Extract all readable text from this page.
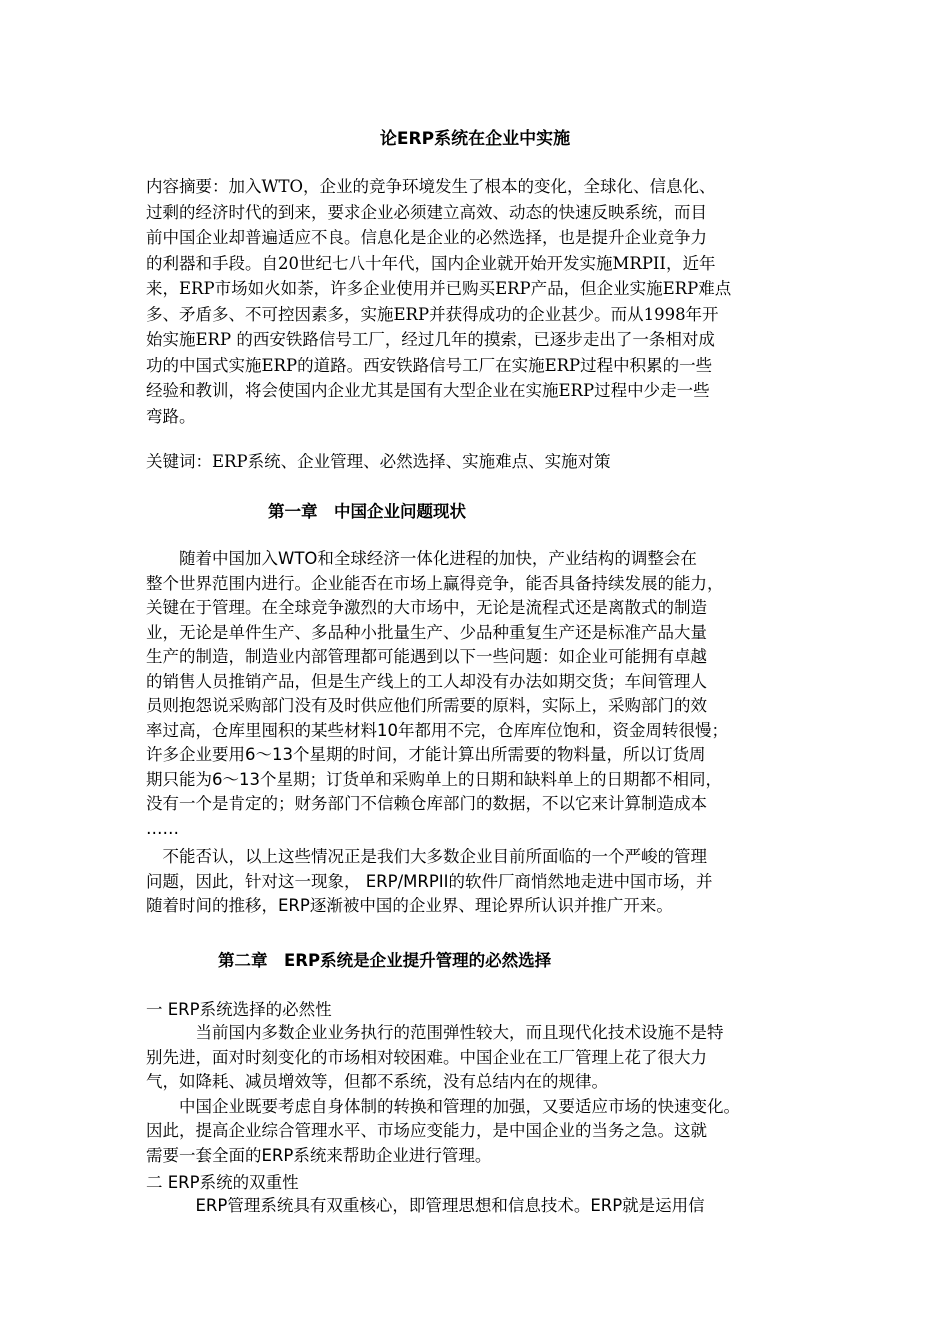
论ERP系统在企业中实施
内容摘要：加入WTO，企业的竞争环境发生了根本的变化，全球化、信息化、
过剩的经济时代的到来，要求企业必须建立高效、动态的快速反映系统，而目
前中国企业却普遍适应不良。信息化是企业的必然选择，也是提升企业竞争力
的利器和手段。自20世纪七八十年代，国内企业就开始开发实施MRPII，近年
来，ERP市场如火如荼，许多企业使用并已购买ERP产品，但企业实施ERP难点
多、矛盾多、不可控因素多，实施ERP并获得成功的企业甚少。而从1998年开
始实施ERP 的西安铁路信号工厂，经过几年的摸索，已逐步走出了一条相对成
功的中国式实施ERP的道路。西安铁路信号工厂在实施ERP过程中积累的一些
经验和教训，将会使国内企业尤其是国有大型企业在实施ERP过程中少走一些
弯路。
关键词：ERP系统、企业管理、必然选择、实施难点、实施对策
第一章　中国企业问题现状
　　随着中国加入WTO和全球经济一体化进程的加快，产业结构的调整会在
整个世界范围内进行。企业能否在市场上赢得竞争，能否具备持续发展的能力，
关键在于管理。在全球竞争激烈的大市场中，无论是流程式还是离散式的制造
业，无论是单件生产、多品种小批量生产、少品种重复生产还是标准产品大量
生产的制造，制造业内部管理都可能遇到以下一些问题：如企业可能拥有卓越
的销售人员推销产品，但是生产线上的工人却没有办法如期交货；车间管理人
员则抱怨说采购部门没有及时供应他们所需要的原料，实际上，采购部门的效
率过高，仓库里囤积的某些材料10年都用不完，仓库库位饱和，资金周转很慢；
许多企业要用6～13个星期的时间，才能计算出所需要的物料量，所以订货周
期只能为6～13个星期；订货单和采购单上的日期和缺料单上的日期都不相同，
没有一个是肯定的；财务部门不信赖仓库部门的数据，不以它来计算制造成本
……
　不能否认，以上这些情况正是我们大多数企业目前所面临的一个严峻的管理
问题，因此，针对这一现象， ERP/MRPII的软件厂商悄然地走进中国市场，并
随着时间的推移，ERP逐渐被中国的企业界、理论界所认识并推广开来。
第二章　ERP系统是企业提升管理的必然选择
一 ERP系统选择的必然性
　　　当前国内多数企业业务执行的范围弹性较大，而且现代化技术设施不是特
别先进，面对时刻变化的市场相对较困难。中国企业在工厂管理上花了很大力
气，如降耗、减员增效等，但都不系统，没有总结内在的规律。
　　中国企业既要考虑自身体制的转换和管理的加强，又要适应市场的快速变化。
因此，提高企业综合管理水平、市场应变能力，是中国企业的当务之急。这就
需要一套全面的ERP系统来帮助企业进行管理。
二 ERP系统的双重性
　　　ERP管理系统具有双重核心，即管理思想和信息技术。ERP就是运用信
